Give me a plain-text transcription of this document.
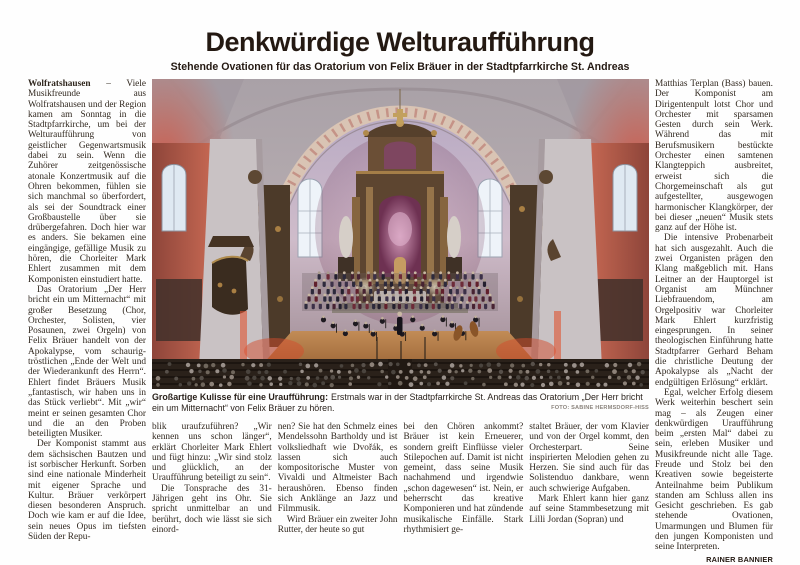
Denkwürdige Welturaufführung
Stehende Ovationen für das Oratorium von Felix Bräuer in der Stadtpfarrkirche St. Andreas

Wolfratshausen – Viele Musikfreunde aus Wolfratshausen und der Region kamen am Sonntag in die Stadtpfarrkirche, um bei der Welturaufführung von geistlicher Gegenwartsmusik dabei zu sein. Wenn die Zuhörer zeitgenössische atonale Konzertmusik auf die Ohren bekommen, fühlen sie sich manchmal so überfordert, als sei der Soundtrack einer Großbaustelle über sie drübergefahren. Doch hier war es anders. Sie bekamen eine eingängige, gefällige Musik zu hören, die Chorleiter Mark Ehlert zusammen mit dem Komponisten einstudiert hatte.

Das Oratorium „Der Herr bricht ein um Mitternacht“ mit großer Besetzung (Chor, Orchester, Solisten, vier Posaunen, zwei Orgeln) von Felix Bräuer handelt von der Apokalypse, vom schaurig-tröstlichen „Ende der Welt und der Wiederankunft des Herrn“. Ehlert findet Bräuers Musik „fantastisch, wir haben uns in das Stück verliebt“. Mit „wir“ meint er seinen gesamten Chor und die an den Proben beteiligten Musiker.

Der Komponist stammt aus dem sächsischen Bautzen und ist sorbischer Herkunft. Sorben sind eine nationale Minderheit mit eigener Sprache und Kultur. Bräuer verkörpert diesen besonderen Anspruch. Doch wie kam er auf die Idee, sein neues Opus im tiefsten Süden der Repu-

Großartige Kulisse für eine Uraufführung: Erstmals war in der Stadtpfarrkirche St. Andreas das Oratorium „Der Herr bricht ein um Mitternacht“ von Felix Bräuer zu hören.	FOTO: SABINE HERMSDORF-HISS

blik uraufzuführen? „Wir kennen uns schon länger“, erklärt Chorleiter Mark Ehlert und fügt hinzu: „Wir sind stolz und glücklich, an der Uraufführung beteiligt zu sein“.

Die Tonsprache des 31-Jährigen geht ins Ohr. Sie spricht unmittelbar an und berührt, doch wie lässt sie sich einord-

nen? Sie hat den Schmelz eines Mendelssohn Bartholdy und ist volksliedhaft wie Dvořák, es lassen sich auch kompositorische Muster von Vivaldi und Altmeister Bach heraushören. Ebenso finden sich Anklänge an Jazz und Filmmusik.

Wird Bräuer ein zweiter John Rutter, der heute so gut

bei den Chören ankommt? Bräuer ist kein Erneuerer, sondern greift Einflüsse vieler Stilepochen auf. Damit ist nicht gemeint, dass seine Musik nachahmend und irgendwie „schon dagewesen“ ist. Nein, er beherrscht das kreative Komponieren und hat zündende musikalische Einfälle. Stark rhythmisiert ge-

staltet Bräuer, der vom Klavier und von der Orgel kommt, den Orchesterpart. Seine inspirierten Melodien gehen zu Herzen. Sie sind auch für das Solistenduo dankbare, wenn auch schwierige Aufgaben.

Mark Ehlert kann hier ganz auf seine Stammbesetzung mit Lilli Jordan (Sopran) und

Matthias Terplan (Bass) bauen. Der Komponist am Dirigentenpult lotst Chor und Orchester mit sparsamen Gesten durch sein Werk. Während das mit Berufsmusikern bestückte Orchester einen samtenen Klangteppich ausbreitet, erweist sich die Chorgemeinschaft als gut aufgestellter, ausgewogen harmonischer Klangkörper, der bei dieser „neuen“ Musik stets ganz auf der Höhe ist.

Die intensive Probenarbeit hat sich ausgezahlt. Auch die zwei Organisten prägen den Klang maßgeblich mit. Hans Leitner an der Hauptorgel ist Organist am Münchner Liebfrauendom, am Orgelpositiv war Chorleiter Mark Ehlert kurzfristig eingesprungen. In seiner theologischen Einführung hatte Stadtpfarrer Gerhard Beham die christliche Deutung der Apokalypse als „Nacht der endgültigen Erlösung“ erklärt.

Egal, welcher Erfolg diesem Werk weiterhin beschert sein mag – als Zeugen einer denkwürdigen Uraufführung beim „ersten Mal“ dabei zu sein, erleben Musiker und Musikfreunde nicht alle Tage. Freude und Stolz bei den Kreativen sowie begeisterte Anteilnahme beim Publikum standen am Schluss allen ins Gesicht geschrieben. Es gab stehende Ovationen, Umarmungen und Blumen für den jungen Komponisten und seine Interpreten.
RAINER BANNIER
